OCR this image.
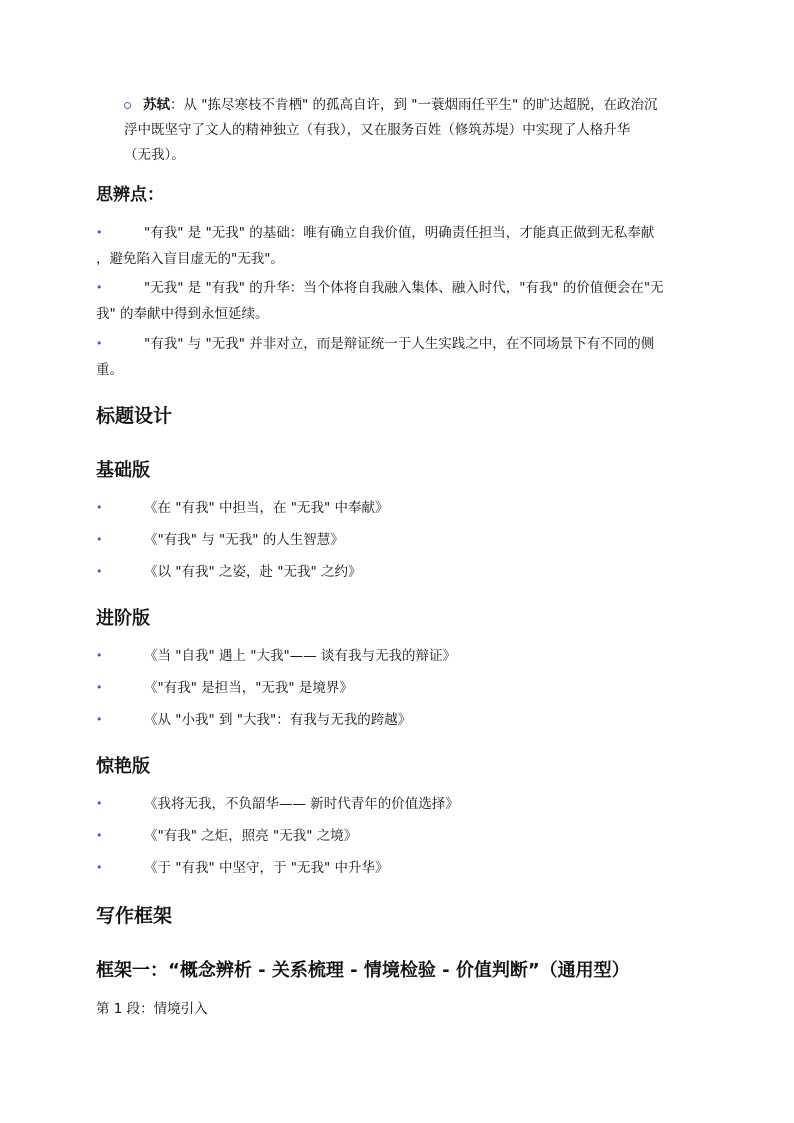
苏轼：从 "拣尽寒枝不肯栖" 的孤高自许，到 "一蓑烟雨任平生" 的旷达超脱，在政治沉
浮中既坚守了文人的精神独立（有我），又在服务百姓（修筑苏堤）中实现了人格升华
（无我）。
思辨点：
•	"有我" 是 "无我" 的基础：唯有确立自我价值，明确责任担当，才能真正做到无私奉献
，避免陷入盲目虚无的"无我"。
•	"无我" 是 "有我" 的升华：当个体将自我融入集体、融入时代，"有我" 的价值便会在"无
我" 的奉献中得到永恒延续。
•	"有我" 与 "无我" 并非对立，而是辩证统一于人生实践之中，在不同场景下有不同的侧
重。
标题设计
基础版
•	《在 "有我" 中担当，在 "无我" 中奉献》
•	《"有我" 与 "无我" 的人生智慧》
•	《以 "有我" 之姿，赴 "无我" 之约》
进阶版
•	《当 "自我" 遇上 "大我"—— 谈有我与无我的辩证》
•	《"有我" 是担当，"无我" 是境界》
•	《从 "小我" 到 "大我"：有我与无我的跨越》
惊艳版
•	《我将无我，不负韶华—— 新时代青年的价值选择》
•	《"有我" 之炬，照亮 "无我" 之境》
•	《于 "有我" 中坚守，于 "无我" 中升华》
写作框架
框架一：“概念辨析 - 关系梳理 - 情境检验 - 价值判断”（通用型）
第 1 段：情境引入
